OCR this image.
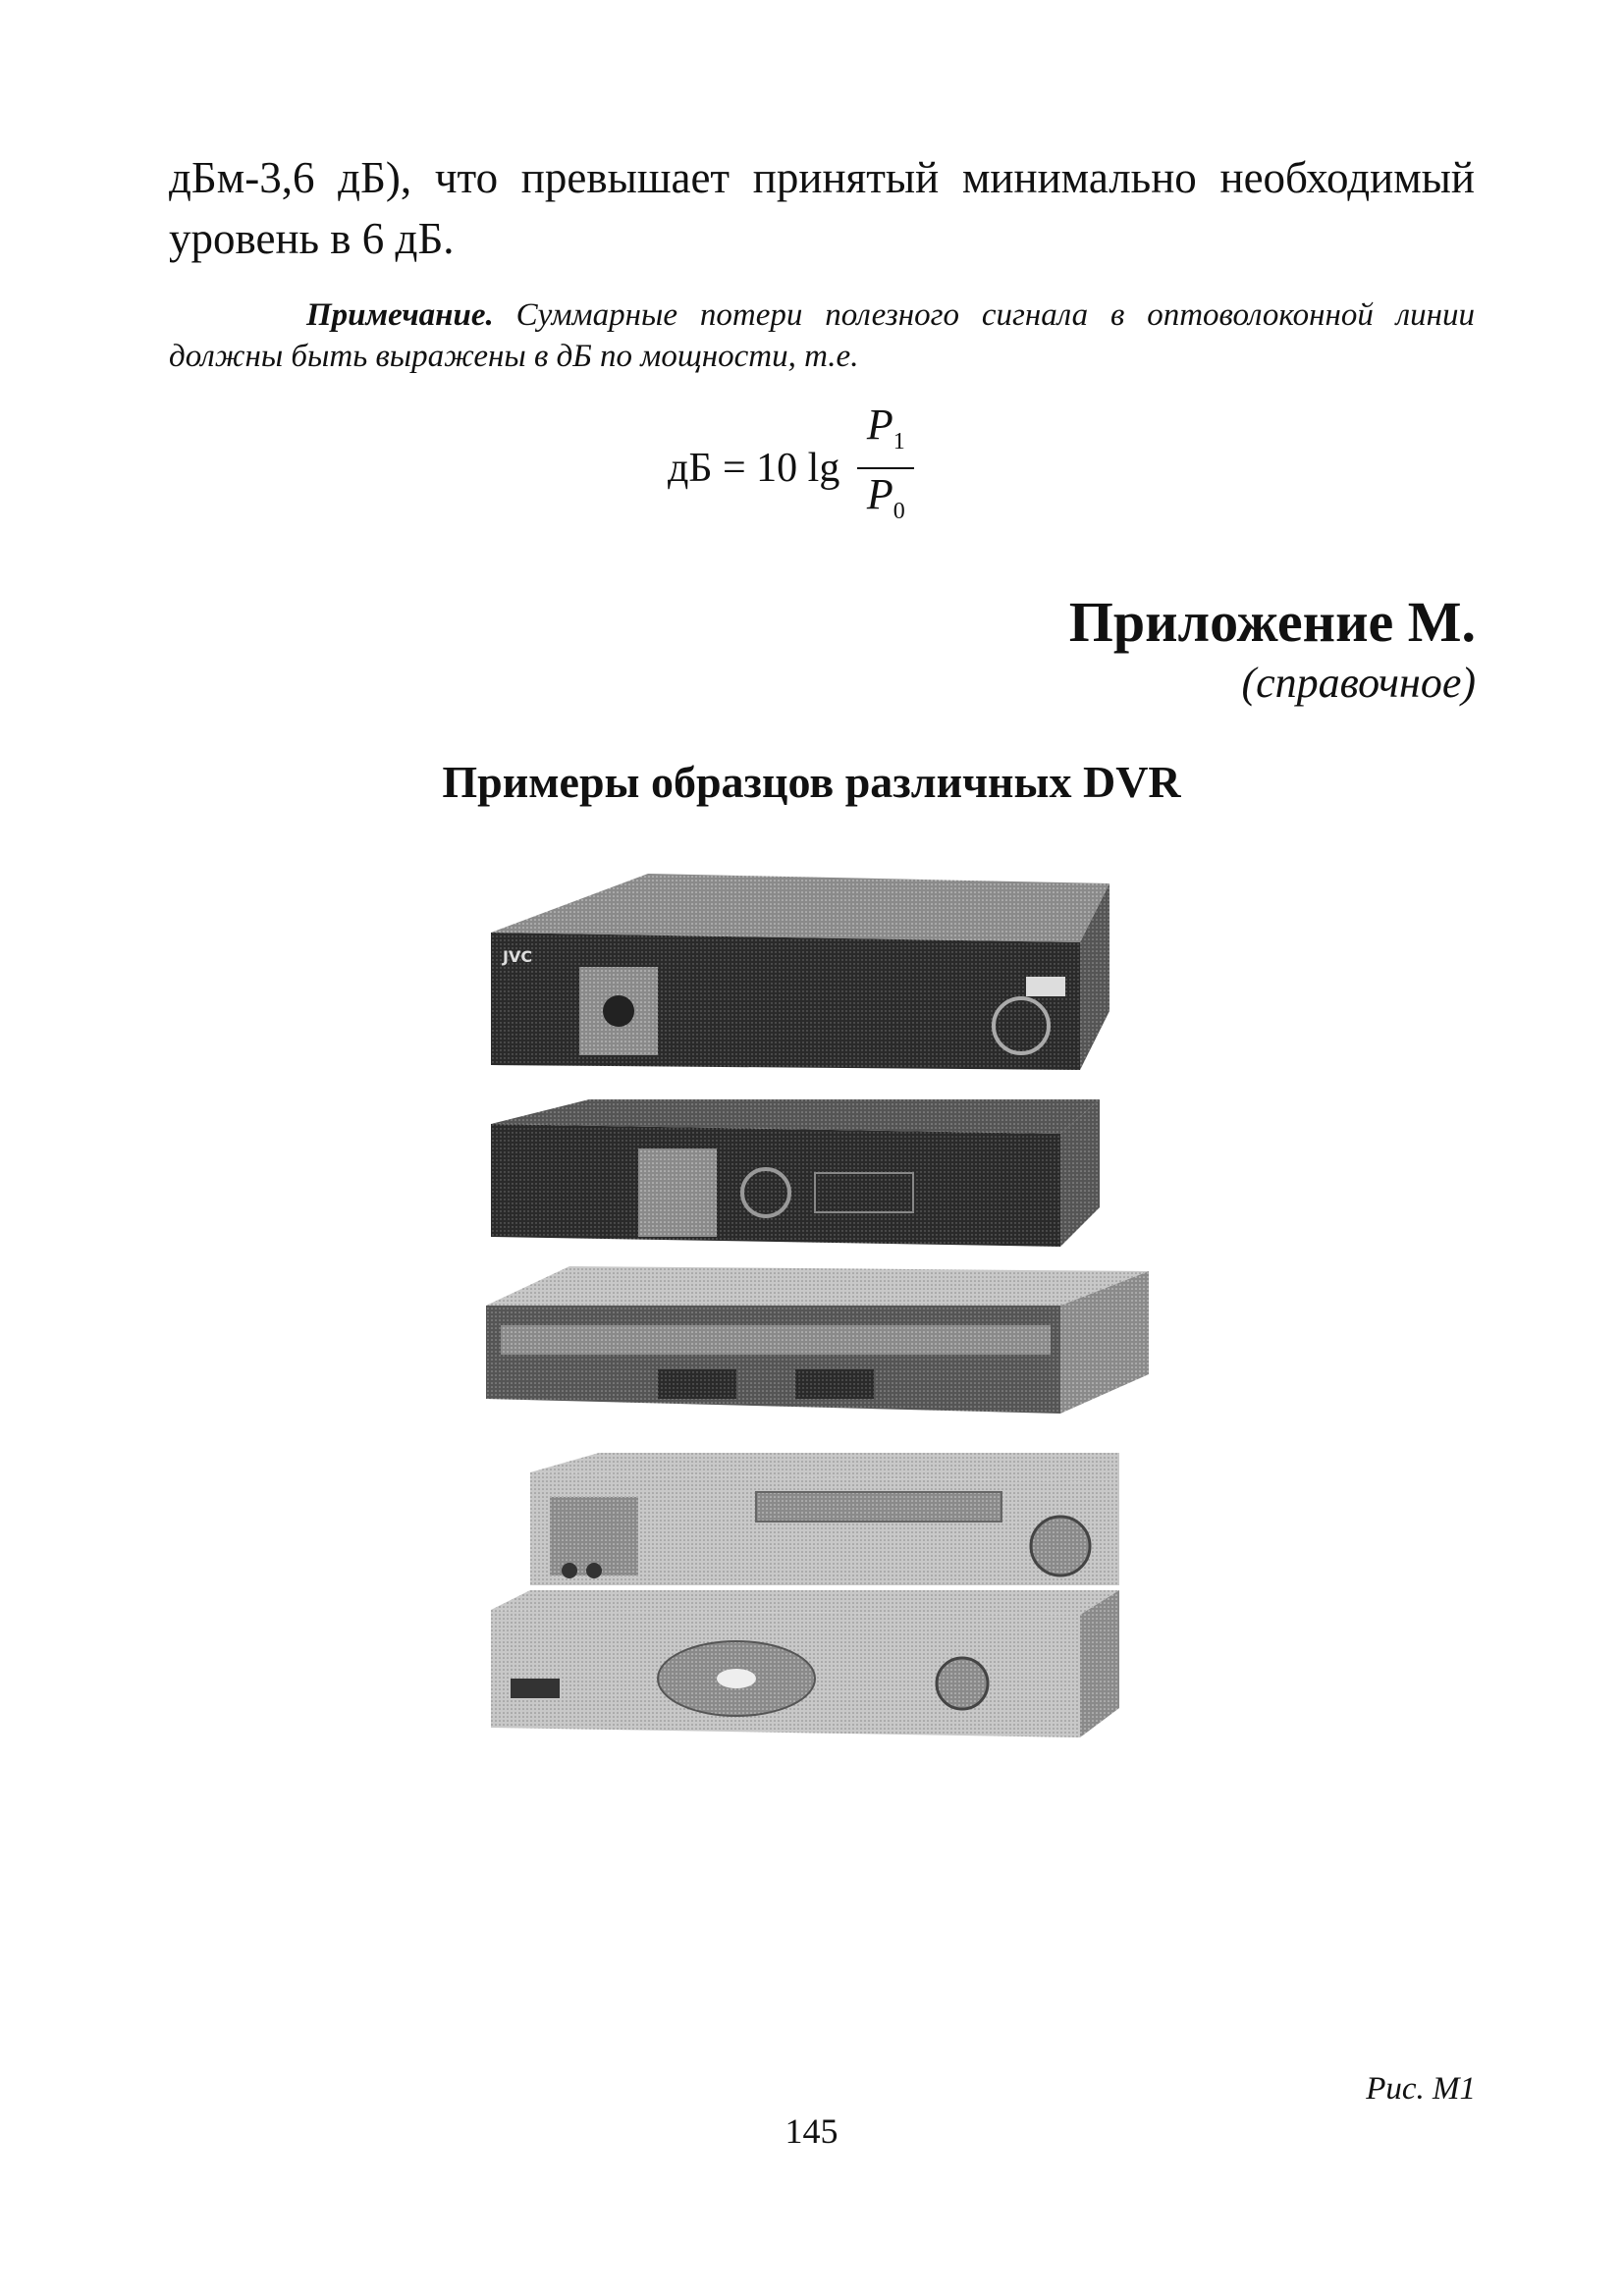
дБм-3,6 дБ), что превышает принятый минимально необходимый уровень в 6 дБ.
Примечание. Суммарные потери полезного сигнала в оптоволоконной линии должны быть выражены в дБ по мощности, т.е.
дБ = 10 $\lg \frac{P_1}{P_0}$
Приложение М.
(справочное)
Примеры образцов различных DVR
JVC
Рис. М1
145
